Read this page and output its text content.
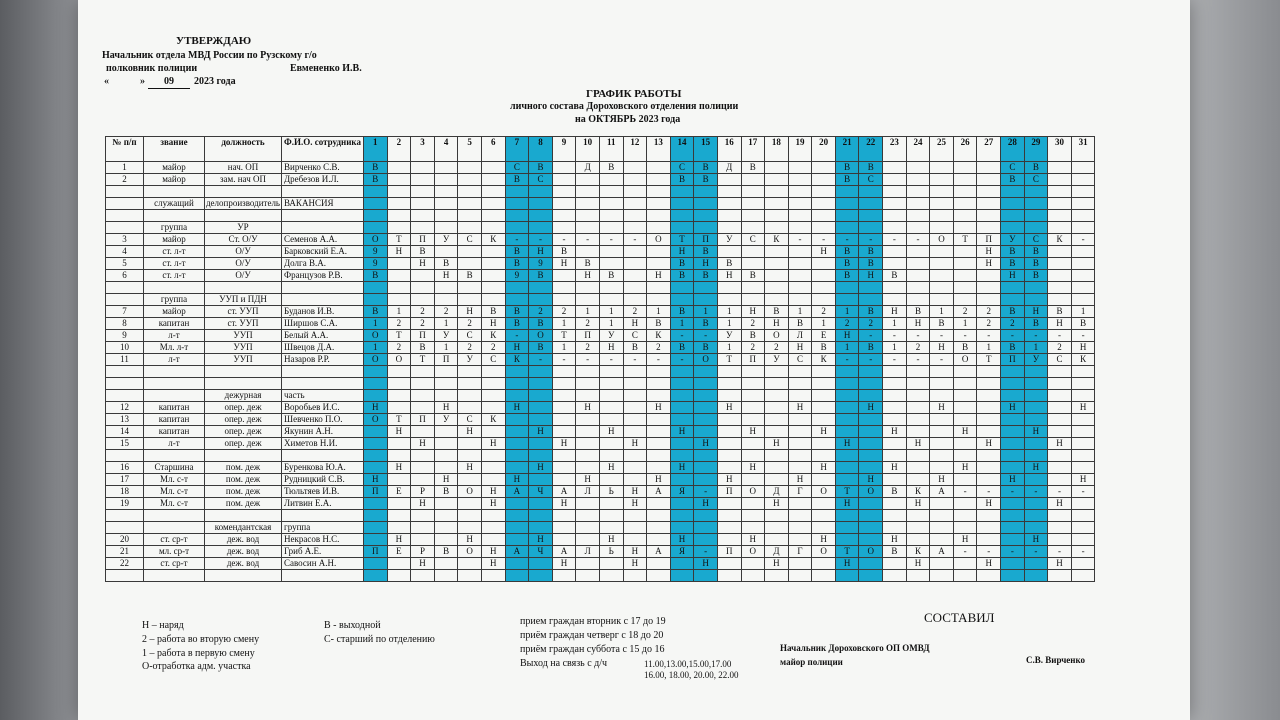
УТВЕРЖДАЮ
Начальник отдела МВД России по Рузскому г/о
полковник полиции	Евмененко И.В.
«	»	09	2023 года
ГРАФИК РАБОТЫ
личного состава Дороховского отделения полиции
на ОКТЯБРЬ 2023 года
№ п/п	звание	должность	Ф.И.О. сотрудника	1	2	3	4	5	6	7	8	9	10	11	12	13	14	15	16	17	18	19	20	21	22	23	24	25	26	27	28	29	30	31
1	майор	нач. ОП	Вирченко С.В.	В						С	В		Д	В			С	В	Д	В				В	В						С	В		
2	майор	зам. нач ОП	Дребезов И.Л.	В						В	С						В	В						В	С						В	С		

	служащий	делопроизводитель	ВАКАНСИЯ																															

	группа	УР																																
3	майор	Ст. О/У	Семенов А.А.	О	Т	П	У	С	К	-	-	-	-	-	-	О	Т	П	У	С	К	-	-	-	-	-	-	О	Т	П	У	С	К	-
4	ст. л-т	О/У	Барковский Е.А.	9	Н	В				В	Н	В					Н	В					Н	В	В					Н	В	В		
5	ст. л-т	О/У	Долга В.А.	9		Н	В			В	9	Н	В				В	Н	В					В	В					Н	В	В		
6	ст. л-т	О/У	Французов Р.В.	В			Н	В		9	В		Н	В		Н	В	В	Н	В				В	Н	В					Н	В		

	группа	УУП и ПДН																																
7	майор	ст. УУП	Буданов И.В.	В	1	2	2	Н	В	В	2	2	1	1	2	1	В	1	1	Н	В	1	2	1	В	Н	В	1	2	2	В	Н	В	1
8	капитан	ст. УУП	Ширшов С.А.	1	2	2	1	2	Н	В	В	1	2	1	Н	В	1	В	1	2	Н	В	1	2	2	1	Н	В	1	2	2	В	Н	В
9	л-т	УУП	Белый А.А.	О	Т	П	У	С	К	-	О	Т	П	У	С	К	-	-	У	В	О	Л	Е	Н	-	-	-	-	-	-	-	-	-	-
10	Мл. л-т	УУП	Швецов Д.А.	1	2	В	1	2	2	Н	В	1	2	Н	В	2	В	В	1	2	2	Н	В	1	В	1	2	Н	В	1	В	1	2	Н
11	л-т	УУП	Назаров Р.Р.	О	О	Т	П	У	С	К	-	-	-	-	-	-	-	О	Т	П	У	С	К	-	-	-	-	-	О	Т	П	У	С	К

		дежурная	часть																															
12	капитан	опер. деж	Воробьев И.С.	Н			Н			Н			Н			Н			Н			Н			Н			Н			Н			Н
13	капитан	опер. деж	Шевченко П.О.	О	Т	П	У	С	К																									
14	капитан	опер. деж	Якунин А.Н.		Н			Н			Н			Н			Н			Н			Н			Н			Н			Н		
15	л-т	опер. деж	Химетов Н.И.			Н			Н			Н			Н			Н			Н			Н			Н			Н			Н	

16	Старшина	пом. деж	Буренкова Ю.А.		Н			Н			Н			Н			Н			Н			Н			Н			Н			Н		
17	Мл. с-т	пом. деж	Рудницкий С.В.	Н			Н			Н			Н			Н			Н			Н			Н			Н			Н			Н
18	Мл. с-т	пом. деж	Тюльтяев И.В.	П	Е	Р	В	О	Н	А	Ч	А	Л	Ь	Н	А	Я	-	П	О	Д	Г	О	Т	О	В	К	А	-	-	-	-	-	-
19	Мл. с-т	пом. деж	Литвин Е.А.			Н			Н			Н			Н			Н			Н			Н			Н			Н			Н	

		комендантская	группа																															
20	ст. ср-т	деж. вод	Некрасов Н.С.		Н			Н			Н			Н			Н			Н			Н			Н			Н			Н		
21	мл. ср-т	деж. вод	Гриб А.Е.	П	Е	Р	В	О	Н	А	Ч	А	Л	Ь	Н	А	Я	-	П	О	Д	Г	О	Т	О	В	К	А	-	-	-	-	-	-
22	ст. ср-т	деж. вод	Савосин А.Н.			Н			Н			Н			Н			Н			Н			Н			Н			Н			Н	

Н – наряд	В - выходной
2 – работа во вторую смену	С- старший по отделению
1 – работа в первую смену
О-отработка адм. участка
прием граждан вторник с 17 до 19
приём граждан четверг с 18 до 20
приём граждан суббота с 15 до 16
Выход на связь с д/ч	11.00,13.00,15.00,17.00
16.00, 18.00, 20.00, 22.00
СОСТАВИЛ
Начальник Дороховского ОП ОМВД
майор полиции	С.В. Вирченко
